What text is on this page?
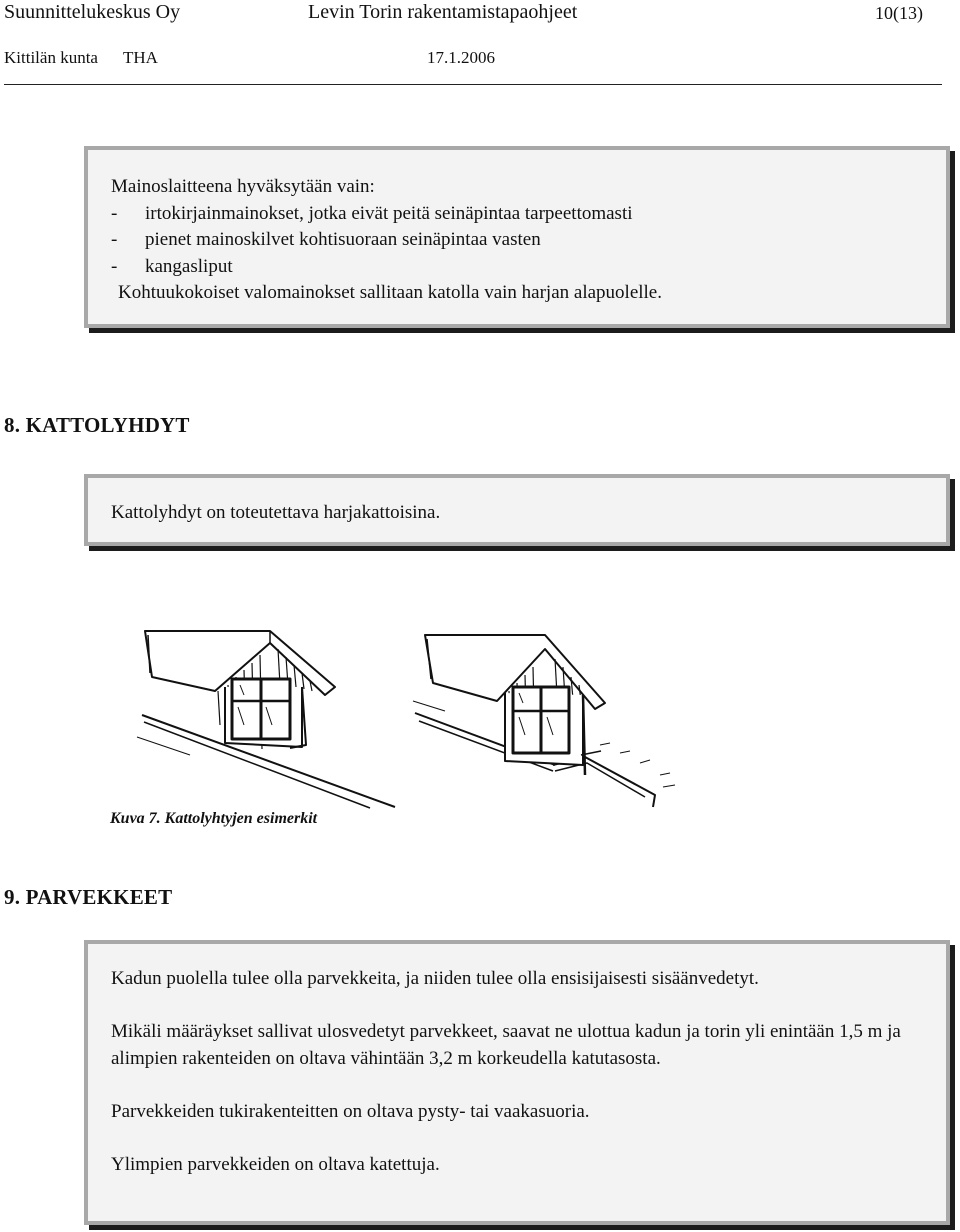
Suunnittelukeskus Oy	Levin Torin rakentamistapaohjeet	10(13)
Kittilän kunta THA	17.1.2006

Mainoslaitteena hyväksytään vain:

- irtokirjainmainokset, jotka eivät peitä seinäpintaa tarpeettomasti
- pienet mainoskilvet kohtisuoraan seinäpintaa vasten
- kangasliput

Kohtuukokoiset valomainokset sallitaan katolla vain harjan alapuolelle.

8. KATTOLYHDYT

Kattolyhdyt on toteutettava harjakattoisina.

Kuva 7. Kattolyhtyjen esimerkit
9. PARVEKKEET

Kadun puolella tulee olla parvekkeita, ja niiden tulee olla ensisijaisesti sisäänvedetyt.

Mikäli määräykset sallivat ulosvedetyt parvekkeet, saavat ne ulottua kadun ja torin yli enintään 1,5 m ja alimpien rakenteiden on oltava vähintään 3,2 m korkeudella katutasosta.

Parvekkeiden tukirakenteitten on oltava pysty- tai vaakasuoria.

Ylimpien parvekkeiden on oltava katettuja.
